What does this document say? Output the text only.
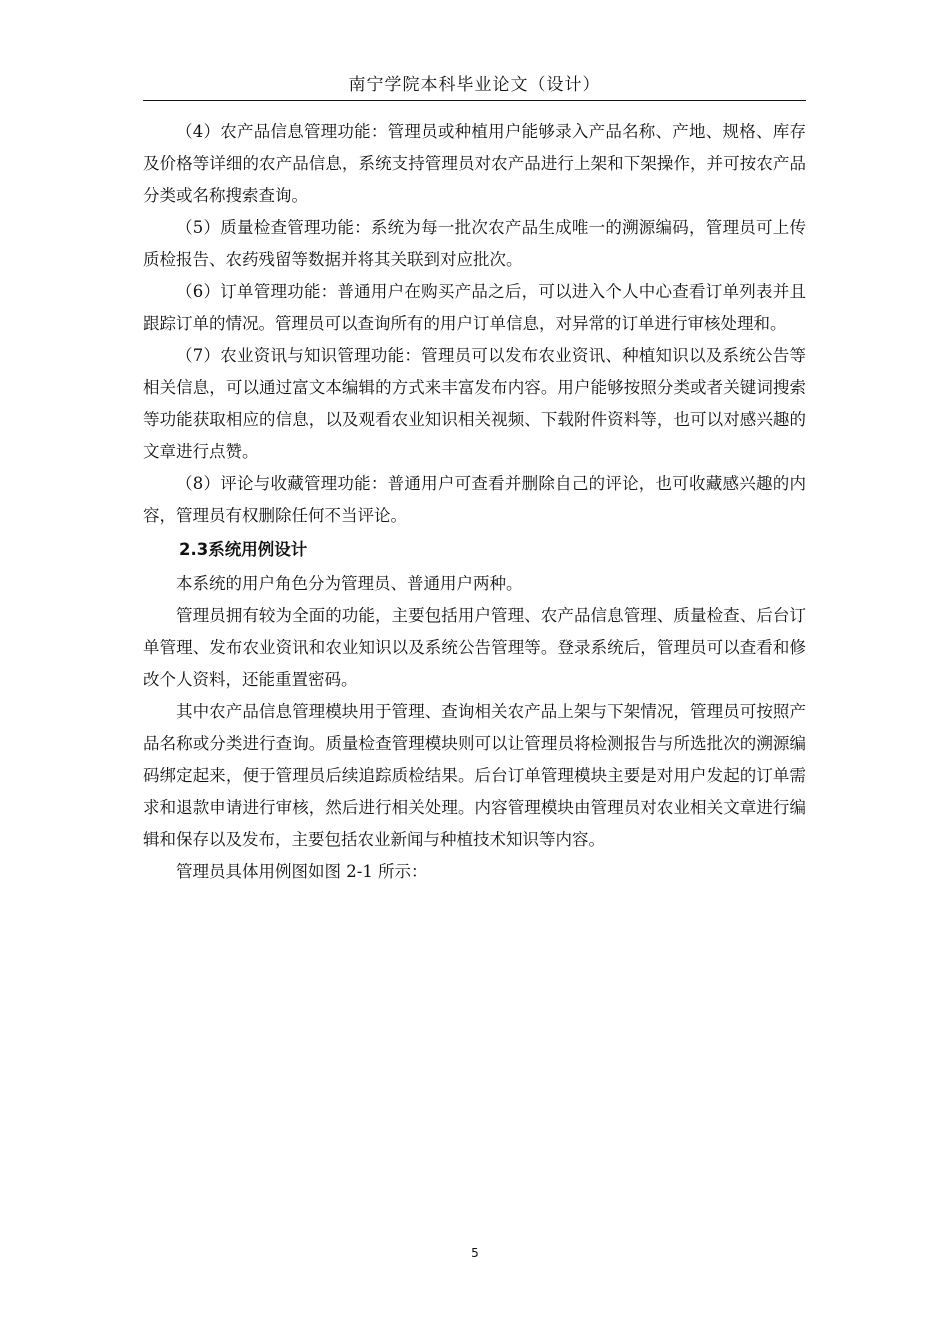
南宁学院本科毕业论文（设计）

（4）农产品信息管理功能：管理员或种植用户能够录入产品名称、产地、规格、库存及价格等详细的农产品信息，系统支持管理员对农产品进行上架和下架操作，并可按农产品分类或名称搜索查询。

（5）质量检查管理功能：系统为每一批次农产品生成唯一的溯源编码，管理员可上传质检报告、农药残留等数据并将其关联到对应批次。

（6）订单管理功能：普通用户在购买产品之后，可以进入个人中心查看订单列表并且跟踪订单的情况。管理员可以查询所有的用户订单信息，对异常的订单进行审核处理和。

（7）农业资讯与知识管理功能：管理员可以发布农业资讯、种植知识以及系统公告等相关信息，可以通过富文本编辑的方式来丰富发布内容。用户能够按照分类或者关键词搜索等功能获取相应的信息，以及观看农业知识相关视频、下载附件资料等，也可以对感兴趣的文章进行点赞。

（8）评论与收藏管理功能：普通用户可查看并删除自己的评论，也可收藏感兴趣的内容，管理员有权删除任何不当评论。

2.3系统用例设计

本系统的用户角色分为管理员、普通用户两种。

管理员拥有较为全面的功能，主要包括用户管理、农产品信息管理、质量检查、后台订单管理、发布农业资讯和农业知识以及系统公告管理等。登录系统后，管理员可以查看和修改个人资料，还能重置密码。

其中农产品信息管理模块用于管理、查询相关农产品上架与下架情况，管理员可按照产品名称或分类进行查询。质量检查管理模块则可以让管理员将检测报告与所选批次的溯源编码绑定起来，便于管理员后续追踪质检结果。后台订单管理模块主要是对用户发起的订单需求和退款申请进行审核，然后进行相关处理。内容管理模块由管理员对农业相关文章进行编辑和保存以及发布，主要包括农业新闻与种植技术知识等内容。

管理员具体用例图如图 2-1 所示：

5
